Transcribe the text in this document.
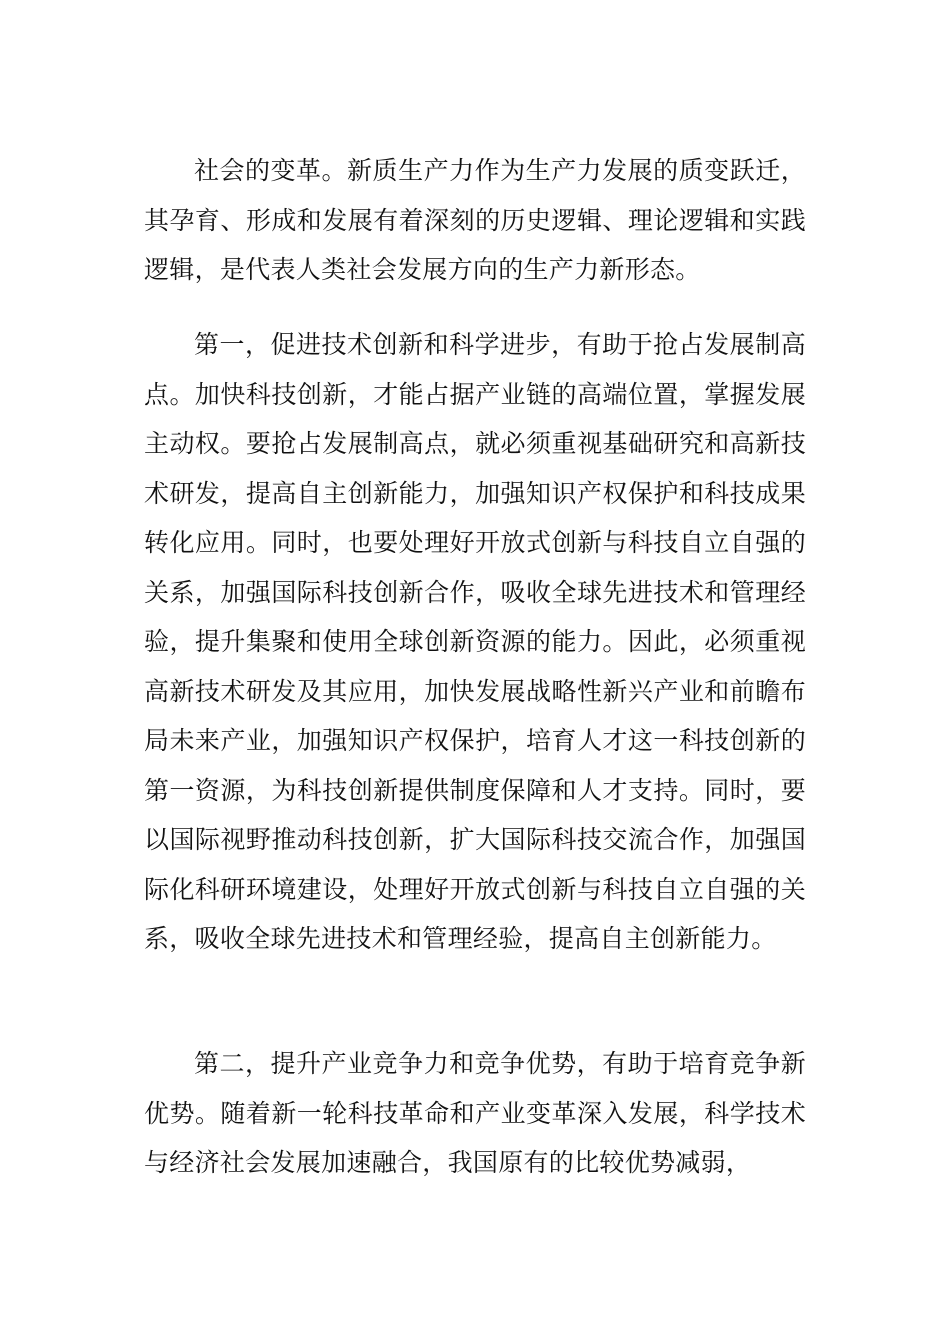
社会的变革。新质生产力作为生产力发展的质变跃迁，其孕育、形成和发展有着深刻的历史逻辑、理论逻辑和实践逻辑，是代表人类社会发展方向的生产力新形态。

第一，促进技术创新和科学进步，有助于抢占发展制高点。加快科技创新，才能占据产业链的高端位置，掌握发展主动权。要抢占发展制高点，就必须重视基础研究和高新技术研发，提高自主创新能力，加强知识产权保护和科技成果转化应用。同时，也要处理好开放式创新与科技自立自强的关系，加强国际科技创新合作，吸收全球先进技术和管理经验，提升集聚和使用全球创新资源的能力。因此，必须重视高新技术研发及其应用，加快发展战略性新兴产业和前瞻布局未来产业，加强知识产权保护，培育人才这一科技创新的第一资源，为科技创新提供制度保障和人才支持。同时，要以国际视野推动科技创新，扩大国际科技交流合作，加强国际化科研环境建设，处理好开放式创新与科技自立自强的关系，吸收全球先进技术和管理经验，提高自主创新能力。

第二，提升产业竞争力和竞争优势，有助于培育竞争新优势。随着新一轮科技革命和产业变革深入发展，科学技术与经济社会发展加速融合，我国原有的比较优势减弱，
